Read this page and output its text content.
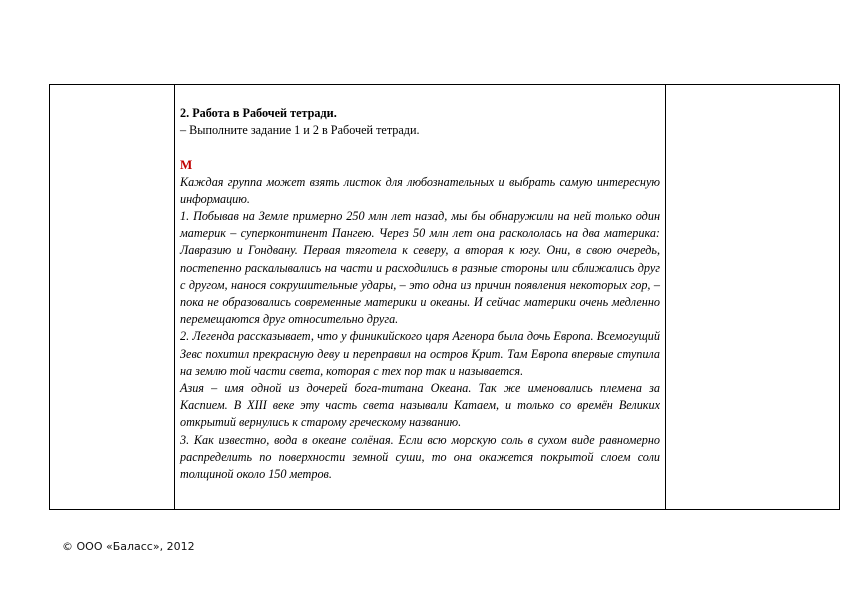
2. Работа в Рабочей тетради.
– Выполните задание 1 и 2 в Рабочей тетради.
М
Каждая группа может взять листок для любознательных и выбрать самую интересную информацию.
1. Побывав на Земле примерно 250 млн лет назад, мы бы обнаружили на ней только один материк – суперконтинент Пангею. Через 50 млн лет она раскололась на два материка: Лавразию и Гондвану. Первая тяготела к северу, а вторая к югу. Они, в свою очередь, постепенно раскалывались на части и расходились в разные стороны или сближались друг с другом, нанося сокрушительные удары, – это одна из причин появления некоторых гор, – пока не образовались современные материки и океаны. И сейчас материки очень медленно перемещаются друг относительно друга.
2. Легенда рассказывает, что у финикийского царя Агенора была дочь Европа. Всемогущий Зевс похитил прекрасную деву и переправил на остров Крит. Там Европа впервые ступила на землю той части света, которая с тех пор так и называется.
Азия – имя одной из дочерей бога-титана Океана. Так же именовались племена за Каспием. В XIII веке эту часть света называли Катаем, и только со времён Великих открытий вернулись к старому греческому названию.
3. Как известно, вода в океане солёная. Если всю морскую соль в сухом виде равномерно распределить по поверхности земной суши, то она окажется покрытой слоем соли толщиной около 150 метров.
© ООО «Баласс», 2012
